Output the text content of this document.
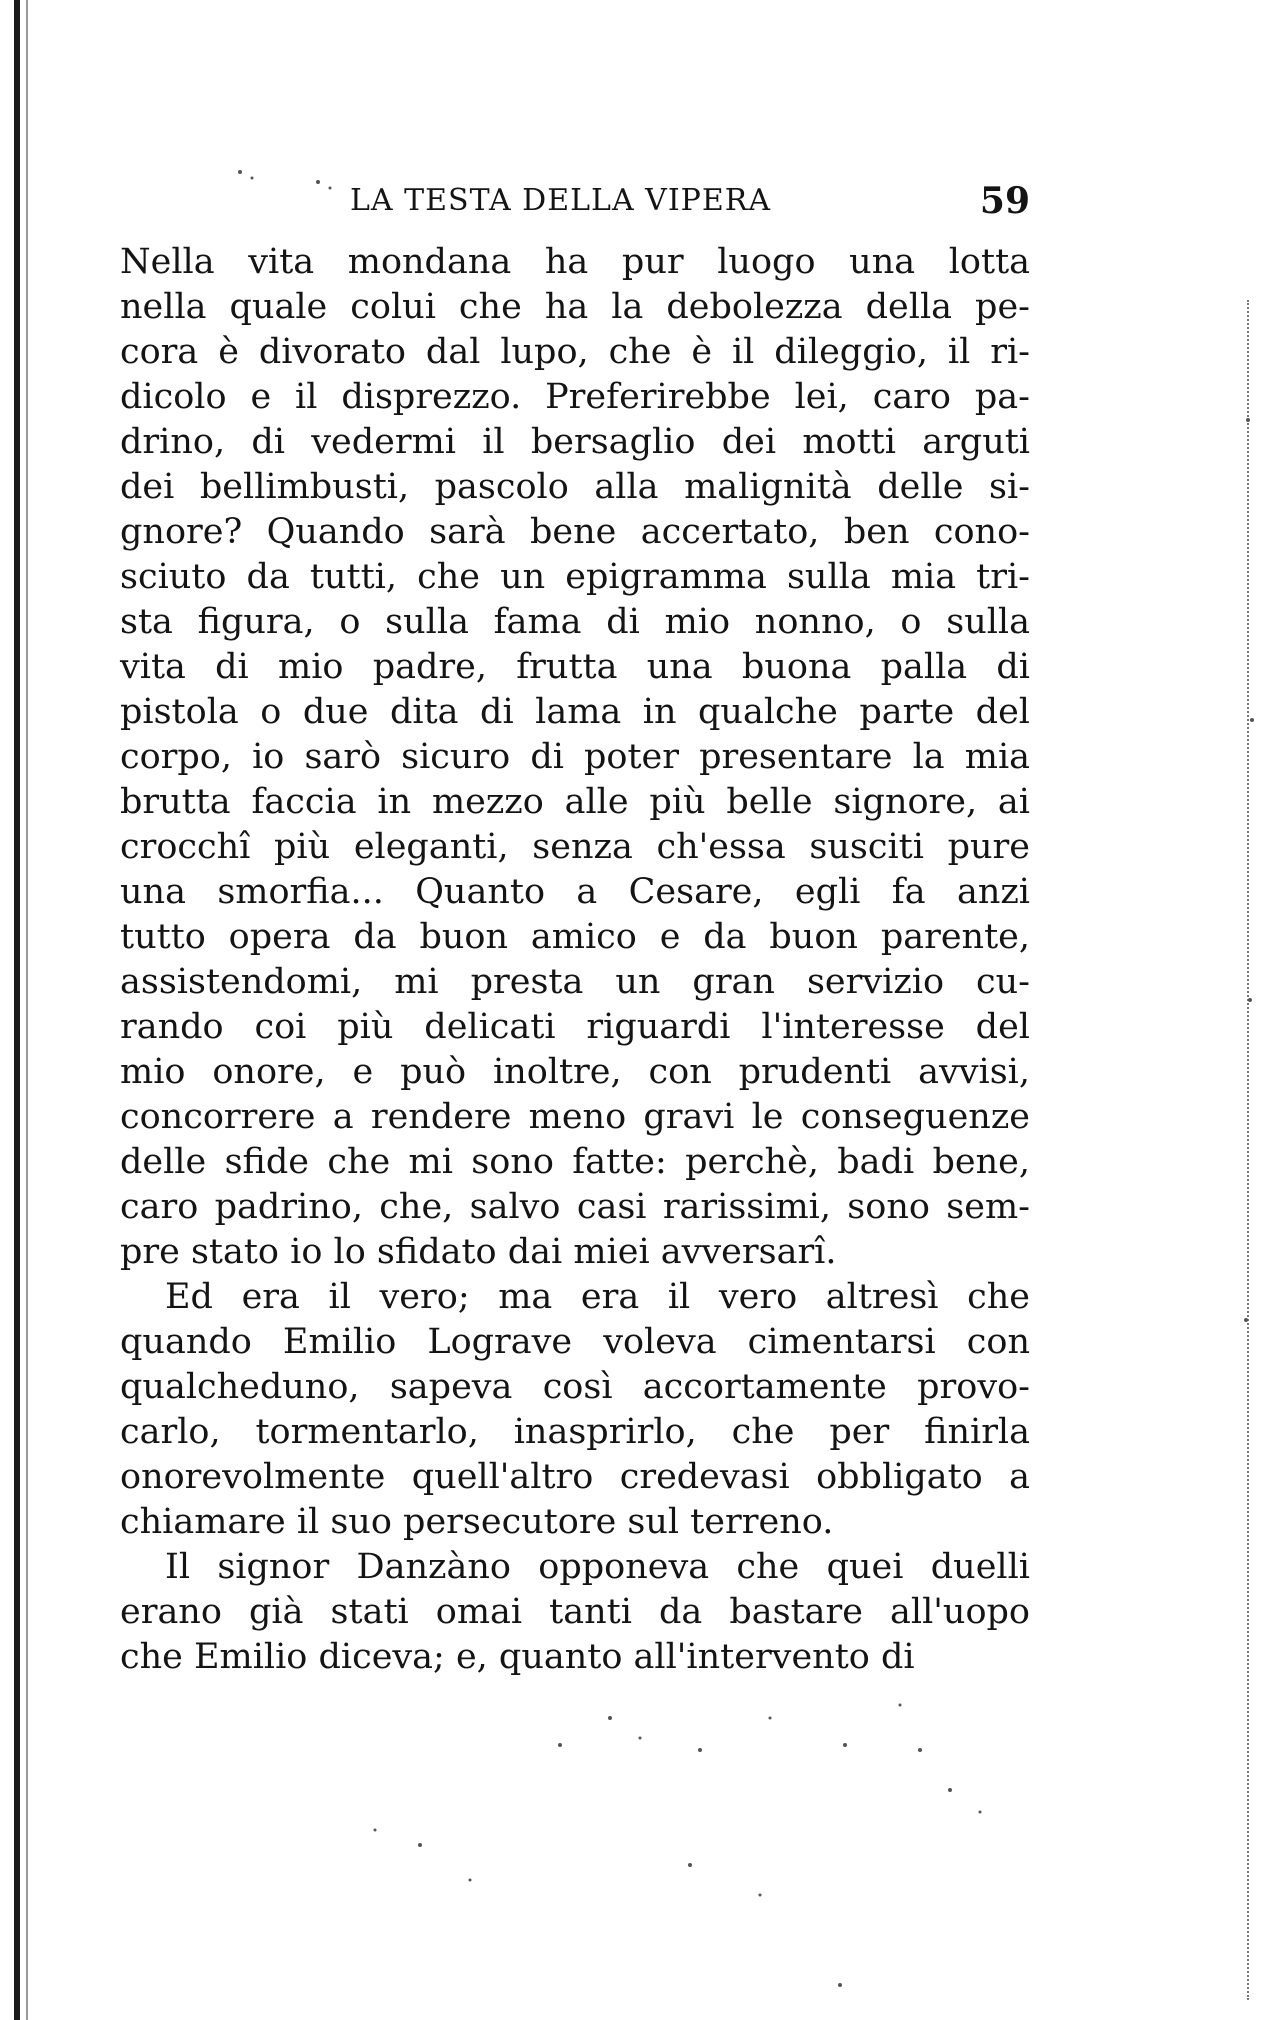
LA TESTA DELLA VIPERA	59
Nella vita mondana ha pur luogo una lotta
nella quale colui che ha la debolezza della pe-
cora è divorato dal lupo, che è il dileggio, il ri-
dicolo e il disprezzo. Preferirebbe lei, caro pa-
drino, di vedermi il bersaglio dei motti arguti
dei bellimbusti, pascolo alla malignità delle si-
gnore? Quando sarà bene accertato, ben cono-
sciuto da tutti, che un epigramma sulla mia tri-
sta figura, o sulla fama di mio nonno, o sulla
vita di mio padre, frutta una buona palla di
pistola o due dita di lama in qualche parte del
corpo, io sarò sicuro di poter presentare la mia
brutta faccia in mezzo alle più belle signore, ai
crocchî più eleganti, senza ch'essa susciti pure
una smorfia... Quanto a Cesare, egli fa anzi
tutto opera da buon amico e da buon parente,
assistendomi, mi presta un gran servizio cu-
rando coi più delicati riguardi l'interesse del
mio onore, e può inoltre, con prudenti avvisi,
concorrere a rendere meno gravi le conseguenze
delle sfide che mi sono fatte: perchè, badi bene,
caro padrino, che, salvo casi rarissimi, sono sem-
pre stato io lo sfidato dai miei avversarî.
Ed era il vero; ma era il vero altresì che
quando Emilio Lograve voleva cimentarsi con
qualcheduno, sapeva così accortamente provo-
carlo, tormentarlo, inasprirlo, che per finirla
onorevolmente quell'altro credevasi obbligato a
chiamare il suo persecutore sul terreno.
Il signor Danzàno opponeva che quei duelli
erano già stati omai tanti da bastare all'uopo
che Emilio diceva; e, quanto all'intervento di
